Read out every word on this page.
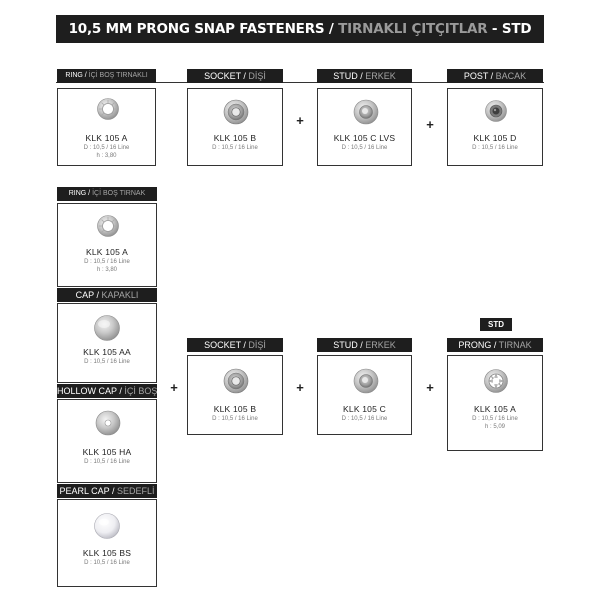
10,5 MM PRONG SNAP FASTENERS / TIRNAKLI ÇITÇITLAR - STD
RING / İÇİ BOŞ TIRNAKLI
KLK 105 A
D : 10,5 / 16 Line
h : 3,80
SOCKET / DİŞİ
KLK 105 B
D : 10,5 / 16 Line
+
STUD / ERKEK
KLK 105 C LVS
D : 10,5 / 16 Line
+
POST / BACAK
KLK 105 D
D : 10,5 / 16 Line
RING / İÇİ BOŞ TIRNAK
KLK 105 A
D : 10,5 / 16 Line
h : 3,80
CAP / KAPAKLI
KLK 105 AA
D : 10,5 / 16 Line
HOLLOW CAP / İÇİ BOŞ
KLK 105 HA
D : 10,5 / 16 Line
PEARL CAP / SEDEFLİ
KLK 105 BS
D : 10,5 / 16 Line
+
STD
SOCKET / DİŞİ
KLK 105 B
D : 10,5 / 16 Line
+
STUD / ERKEK
KLK 105 C
D : 10,5 / 16 Line
+
PRONG / TIRNAK
KLK 105 A
D : 10,5 / 16 Line
h : 5,09
